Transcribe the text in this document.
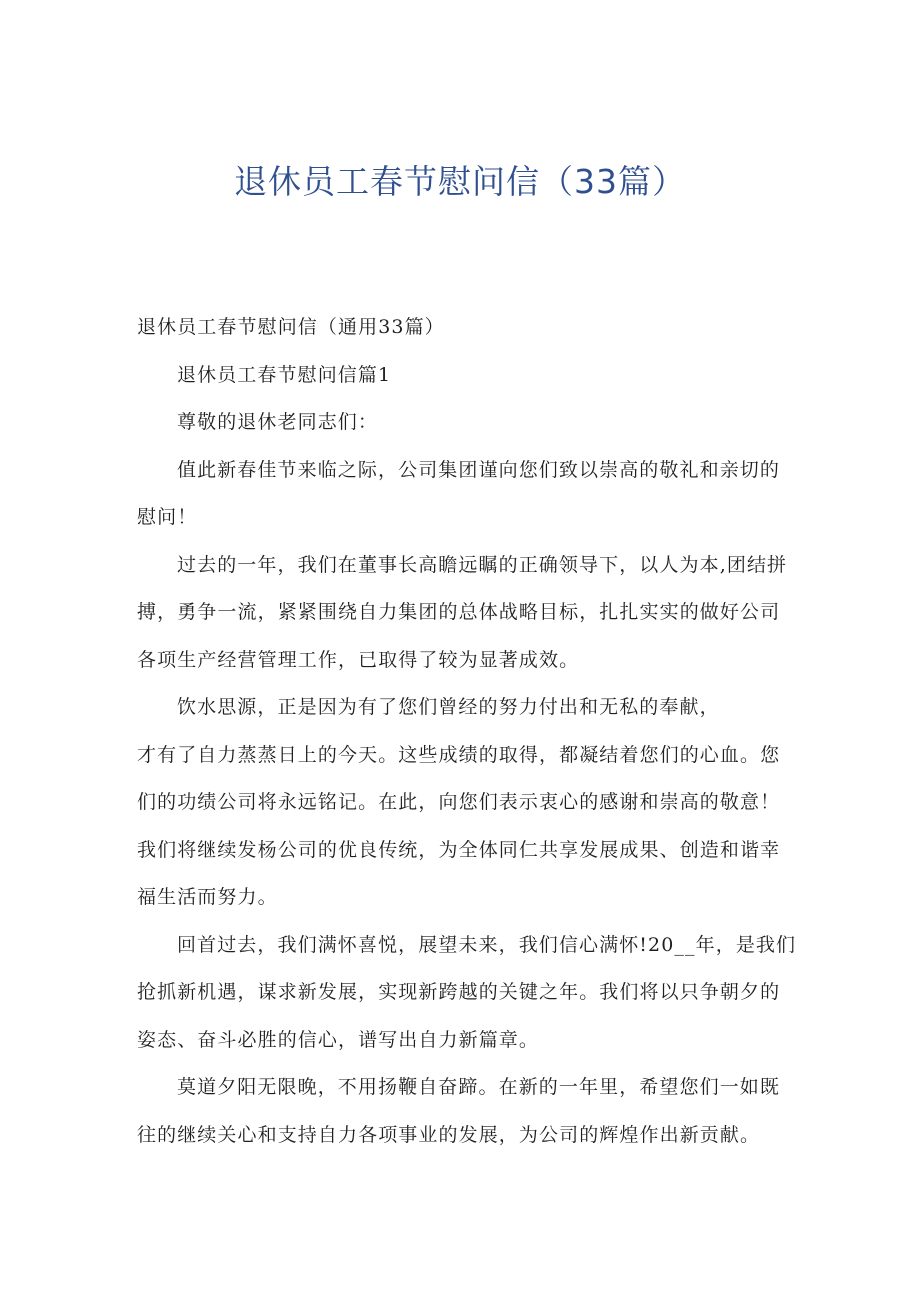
退休员工春节慰问信（33篇）

退休员工春节慰问信（通用33篇）

退休员工春节慰问信篇1

尊敬的退休老同志们：

值此新春佳节来临之际，公司集团谨向您们致以崇高的敬礼和亲切的慰问！

过去的一年，我们在董事长高瞻远瞩的正确领导下，以人为本,团结拼搏，勇争一流，紧紧围绕自力集团的总体战略目标，扎扎实实的做好公司各项生产经营管理工作，已取得了较为显著成效。

饮水思源，正是因为有了您们曾经的努力付出和无私的奉献，

才有了自力蒸蒸日上的今天。这些成绩的取得，都凝结着您们的心血。您们的功绩公司将永远铭记。在此，向您们表示衷心的感谢和崇高的敬意！我们将继续发杨公司的优良传统，为全体同仁共享发展成果、创造和谐幸福生活而努力。

回首过去，我们满怀喜悦，展望未来，我们信心满怀!20__年，是我们抢抓新机遇，谋求新发展，实现新跨越的关键之年。我们将以只争朝夕的姿态、奋斗必胜的信心，谱写出自力新篇章。

莫道夕阳无限晚，不用扬鞭自奋蹄。在新的一年里，希望您们一如既往的继续关心和支持自力各项事业的发展，为公司的辉煌作出新贡献。
